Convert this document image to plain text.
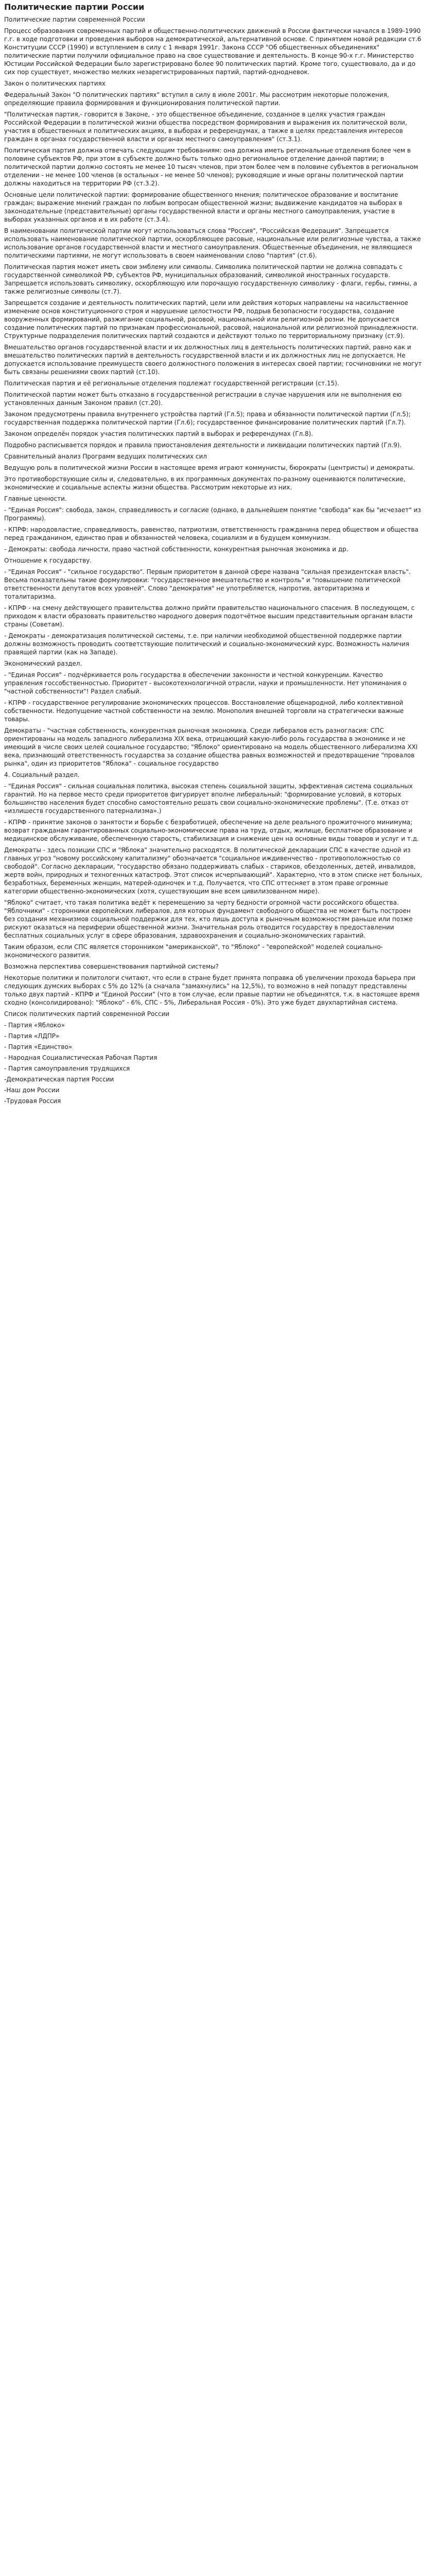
Политические партии России

Политические партии современной России

Процесс образования современных партий и общественно-политических движений в России фактически начался в 1989-1990 г.г. в ходе подготовки и проведения выборов на демократической, альтернативной основе. С принятием новой редакции ст.6 Конституции СССР (1990) и вступлением в силу с 1 января 1991г. Закона СССР "Об общественных объединениях" политические партии получили официальное право на свое существование и деятельность. В конце 90-х г.г. Министерство Юстиции Российской Федерации было зарегистрировано более 90 политических партий. Кроме того, существовало, да и до сих пор существует, множество мелких незарегистрированных партий, партий-однодневок.

Закон о политических партиях

Федеральный Закон "О политических партиях" вступил в силу в июле 2001г. Мы рассмотрим некоторые положения, определяющие правила формирования и функционирования политической партии.

"Политическая партия,- говорится в Законе, - это общественное объединение, созданное в целях участия граждан Российской Федерации в политической жизни общества посредством формирования и выражения их политической воли, участия в общественных и политических акциях, в выборах и референдумах, а также в целях представления интересов граждан в органах государственной власти и органах местного самоуправления" (ст.3.1).

Политическая партия должна отвечать следующим требованиям: она должна иметь региональные отделения более чем в половине субъектов РФ, при этом в субъекте должно быть только одно региональное отделение данной партии; в политической партии должно состоять не менее 10 тысяч членов, при этом более чем в половине субъектов в региональном отделении - не менее 100 членов (в остальных - не менее 50 членов); руководящие и иные органы политической партии должны находиться на территории РФ (ст.3.2).

Основные цели политической партии: формирование общественного мнения; политическое образование и воспитание граждан; выражение мнений граждан по любым вопросам общественной жизни; выдвижение кандидатов на выборах в законодательные (представительные) органы государственной власти и органы местного самоуправления, участие в выборах указанных органов и в их работе (ст.3.4).

В наименовании политической партии могут использоваться слова "Россия", "Российская Федерация". Запрещается использовать наименование политической партии, оскорбляющее расовые, национальные или религиозные чувства, а также использование органов государственной власти и местного самоуправления. Общественные объединения, не являющиеся политическими партиями, не могут использовать в своем наименовании слово "партия" (ст.6).

Политическая партия может иметь свои эмблему или символы. Символика политической партии не должна совпадать с государственной символикой РФ, субъектов РФ, муниципальных образований, символикой иностранных государств. Запрещается использовать символику, оскорбляющую или порочащую государственную символику - флаги, гербы, гимны, а также религиозные символы (ст.7).

Запрещается создание и деятельность политических партий, цели или действия которых направлены на насильственное изменение основ конституционного строя и нарушение целостности РФ, подрыв безопасности государства, создание вооруженных формирований, разжигание социальной, расовой, национальной или религиозной розни. Не допускается создание политических партий по признакам профессиональной, расовой, национальной или религиозной принадлежности. Структурные подразделения политических партий создаются и действуют только по территориальному признаку (ст.9).

Вмешательство органов государственной власти и их должностных лиц в деятельность политических партий, равно как и вмешательство политических партий в деятельность государственной власти и их должностных лиц не допускается. Не допускается использование преимуществ своего должностного положения в интересах своей партии; госчиновники не могут быть связаны решениями своих партий (ст.10).

Политическая партия и её региональные отделения подлежат государственной регистрации (ст.15).

Политической партии может быть отказано в государственной регистрации в случае нарушения или не выполнения ею установленных данным Законом правил (ст.20).

Законом предусмотрены правила внутреннего устройства партий (Гл.5); права и обязанности политической партии (Гл.5); государственная поддержка политической партии (Гл.6); государственное финансирование политических партий (Гл.7).

Законом определён порядок участия политических партий в выборах и референдумах (Гл.8).

Подробно расписывается порядок и правила приостановления деятельности и ликвидации политических партий (Гл.9).

Сравнительный анализ Программ ведущих политических сил

Ведущую роль в политической жизни России в настоящее время играют коммунисты, бюрократы (центристы) и демократы.

Это противоборствующие силы и, следовательно, в их программных документах по-разному оцениваются политические, экономические и социальные аспекты жизни общества. Рассмотрим некоторые из них.

Главные ценности.

- "Единая Россия": свобода, закон, справедливость и согласие (однако, в дальнейшем понятие "свобода" как бы "исчезает" из Программы).

- КПРФ: народовластие, справедливость, равенство, патриотизм, ответственность гражданина перед обществом и общества перед гражданином, единство прав и обязанностей человека, социализм и в будущем коммунизм.

- Демократы: свобода личности, право частной собственности, конкурентная рыночная экономика и др.

Отношение к государству.

- "Единая Россия" - "сильное государство". Первым приоритетом в данной сфере названа "сильная президентская власть". Весьма показательны такие формулировки: "государственное вмешательство и контроль" и "повышение политической ответственности депутатов всех уровней". Слово "демократия" не употребляется, напротив, авторитаризма и тоталитаризма.

- КПРФ - на смену действующего правительства должно прийти правительство национального спасения. В последующем, с приходом к власти образовать правительство народного доверия подотчётное высшим представительным органам власти страны (Советам).

- Демократы - демократизация политической системы, т.е. при наличии необходимой общественной поддержке партии должны возможность проводить соответствующие политический и социально-экономический курс. Возможность наличия правящей партии (как на Западе).

Экономический раздел.

- "Единая Россия" - подчёркивается роль государства в обеспечении законности и честной конкуренции. Качество управления госсобственностью. Приоритет - высокотехнологичной отрасли, науки и промышленности. Нет упоминания о "частной собственности"! Раздел слабый.

- КПРФ - государственное регулирование экономических процессов. Восстановление общенародной, либо коллективной собственности. Недопущение частной собственности на землю. Монополия внешней торговли на стратегически важные товары.

Демократы - "частная собственность, конкурентная рыночная экономика. Среди либералов есть разногласия: СПС ориентированы на модель западного либерализма XIX века, отрицающий какую-либо роль государства в экономике и не имеющий в числе своих целей социальное государство; "Яблоко" ориентировано на модель общественного либерализма XXI века, признающий ответственность государства за создание общества равных возможностей и предотвращение "провалов рынка", один из приоритетов "Яблока" - социальное государство

4. Социальный раздел.

- "Единая Россия" - сильная социальная политика, высокая степень социальной защиты, эффективная система социальных гарантий. Но на первое место среди приоритетов фигурирует вполне либеральный: "формирование условий, в которых большинство населения будет способно самостоятельно решать свои социально-экономические проблемы". (Т.е. отказ от «излишеств государственного патернализма».)

- КПРФ - принятие законов о занятости и борьбе с безработицей, обеспечение на деле реального прожиточного минимума; возврат гражданам гарантированных социально-экономические права на труд, отдых, жилище, бесплатное образование и медицинское обслуживание, обеспеченную старость, стабилизация и снижение цен на основные виды товаров и услуг и т.д.

Демократы - здесь позиции СПС и "Яблока" значительно расходятся. В политической декларации СПС в качестве одной из главных угроз "новому российскому капитализму" обозначается "социальное иждивенчество - противоположностью со свободой". Согласно декларации, "государство обязано поддерживать слабых - стариков, обездоленных, детей, инвалидов, жертв войн, природных и техногенных катастроф. Этот список исчерпывающий". Характерно, что в этом списке нет больных, безработных, беременных женщин, матерей-одиночек и т.д. Получается, что СПС оттесняет в этом праве огромные категории общественно-экономических (хотя, существующим вне всем цивилизованном мире).

"Яблоко" считает, что такая политика ведёт к перемещению за черту бедности огромной части российского общества. "Яблочники" - сторонники европейских либералов, для которых фундамент свободного общества не может быть построен без создания механизмов социальной поддержки для тех, кто лишь доступа к рыночным возможностям раньше или позже рискуют оказаться на периферии общественной жизни. Значительная роль отводится государству в предоставлении бесплатных социальных услуг в сфере образования, здравоохранения и социально-экономических гарантий.

Таким образом, если СПС является сторонником "американской", то "Яблоко" - "европейской" моделей социально-экономического развития.

Возможна перспектива совершенствования партийной системы?

Некоторые политики и политологи считают, что если в стране будет принята поправка об увеличении прохода барьера при следующих думских выборах с 5% до 12% (а сначала "замахнулись" на 12,5%), то возможно в ней попадут представлены только двух партий - КПРФ и "Единой России" (что в том случае, если правые партии не объединятся, т.к. в настоящее время сходно (консолидировано): "Яблоко" - 6%, СПС - 5%, Либеральная Россия - 0%). Это уже будет двухпартийная система.

Список политических партий современной России

- Партия «Яблоко»

- Партия «ЛДПР»

- Партия «Единство»

- Народная Социалистическая Рабочая Партия

- Партия самоуправления трудящихся

-Демократическая партия России

-Наш дом России

-Трудовая Россия
